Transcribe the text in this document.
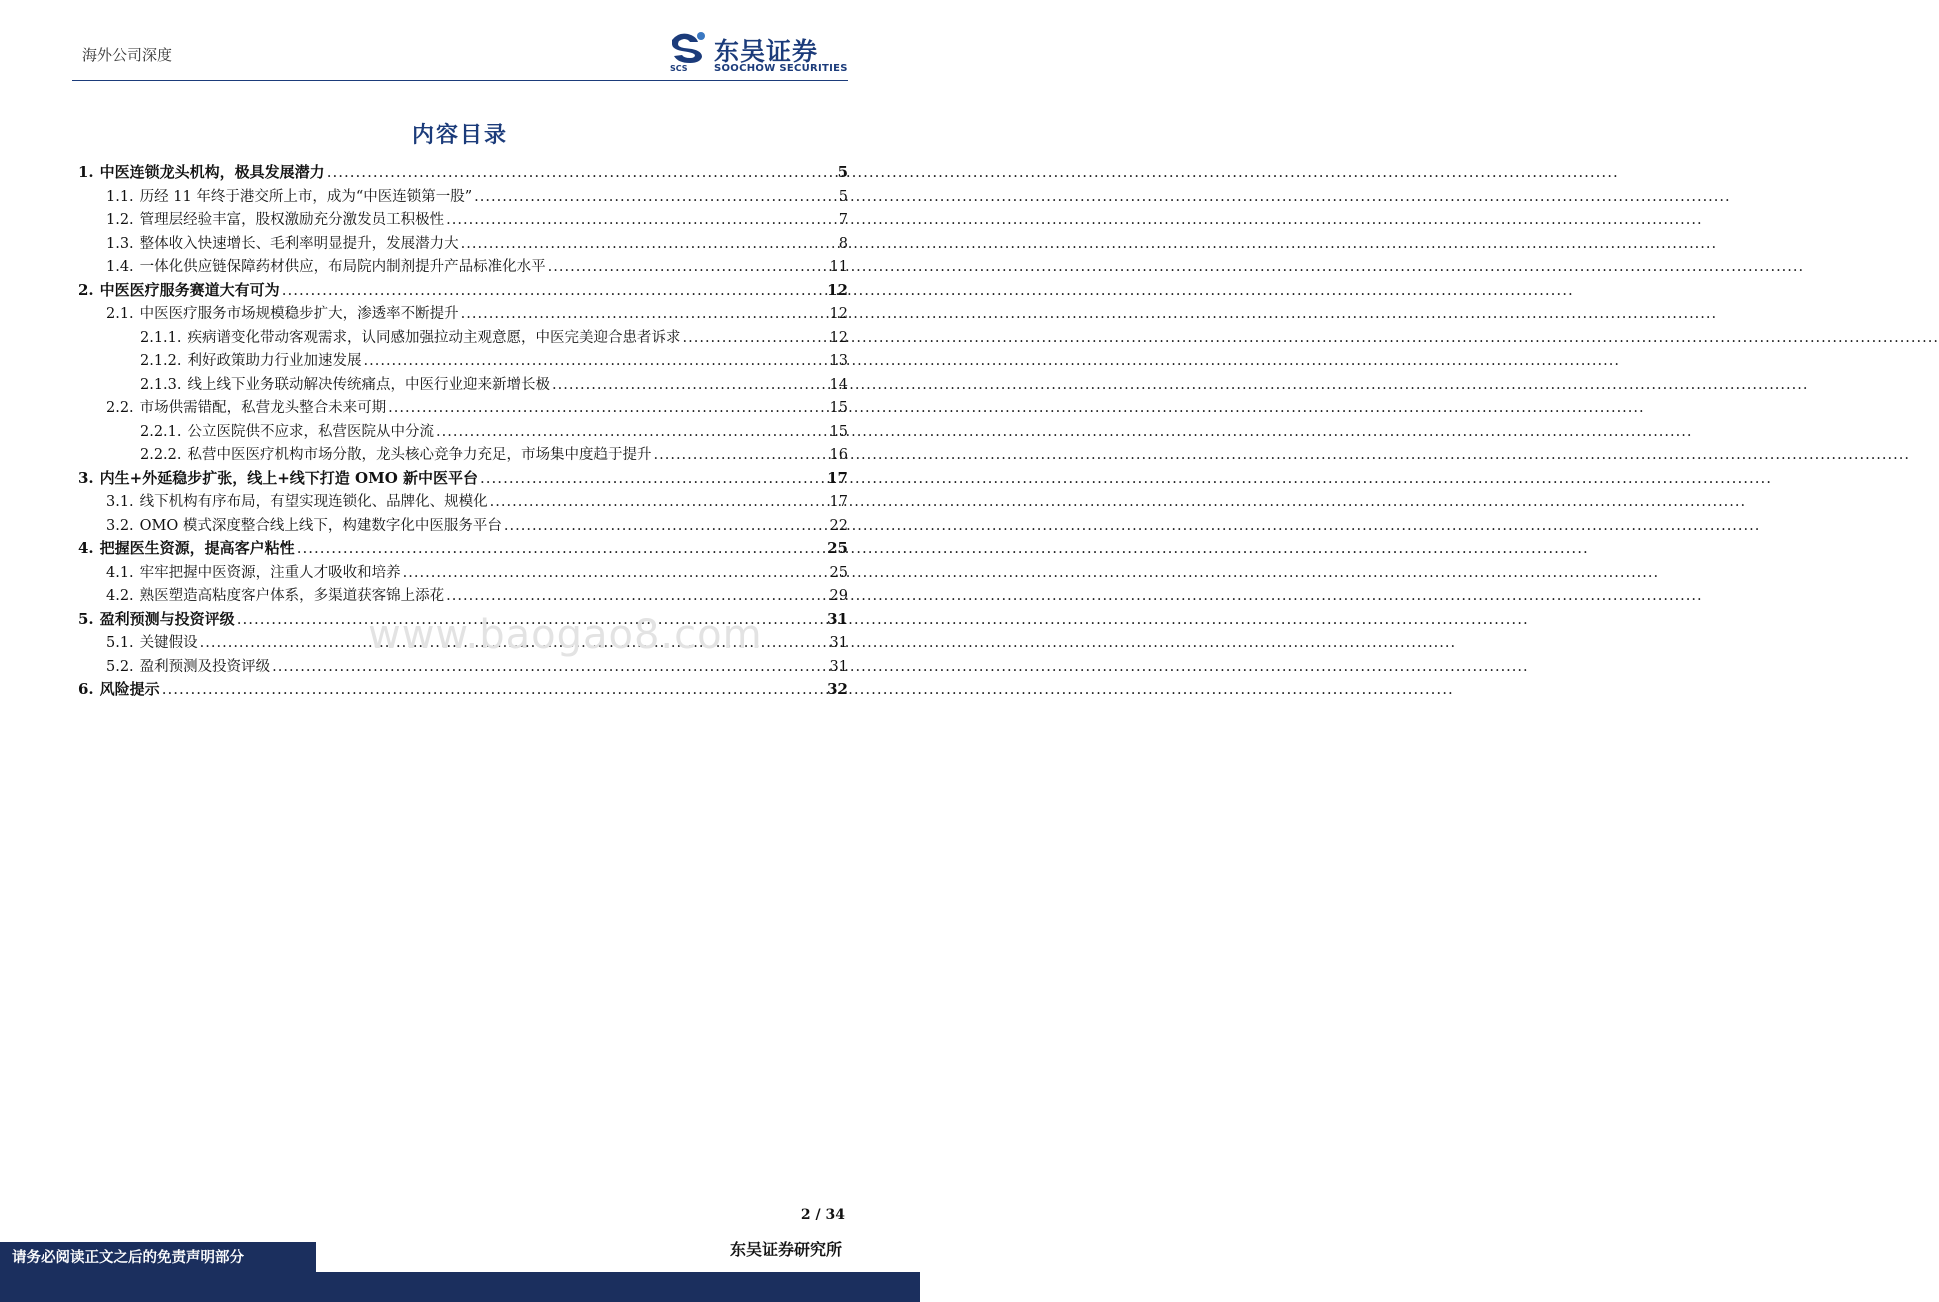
海外公司深度
SCS
东吴证券
SOOCHOW SECURITIES
内容目录
1. 中医连锁龙头机构，极具发展潜力 .....	5
1.1. 历经 11 年终于港交所上市，成为“中医连锁第一股” .....	5
1.2. 管理层经验丰富，股权激励充分激发员工积极性 .....	7
1.3. 整体收入快速增长、毛利率明显提升，发展潜力大 .....	8
1.4. 一体化供应链保障药材供应，布局院内制剂提升产品标准化水平 .....	11
2. 中医医疗服务赛道大有可为 .....	12
2.1. 中医医疗服务市场规模稳步扩大，渗透率不断提升 .....	12
2.1.1. 疾病谱变化带动客观需求，认同感加强拉动主观意愿，中医完美迎合患者诉求 .....	12
2.1.2. 利好政策助力行业加速发展 .....	13
2.1.3. 线上线下业务联动解决传统痛点，中医行业迎来新增长极 .....	14
2.2. 市场供需错配，私营龙头整合未来可期 .....	15
2.2.1. 公立医院供不应求，私营医院从中分流 .....	15
2.2.2. 私营中医医疗机构市场分散，龙头核心竞争力充足，市场集中度趋于提升 .....	16
3. 内生+外延稳步扩张，线上+线下打造 OMO 新中医平台 .....	17
3.1. 线下机构有序布局，有望实现连锁化、品牌化、规模化 .....	17
3.2. OMO 模式深度整合线上线下，构建数字化中医服务平台 .....	22
4. 把握医生资源，提高客户粘性 .....	25
4.1. 牢牢把握中医资源，注重人才吸收和培养 .....	25
4.2. 熟医塑造高粘度客户体系，多渠道获客锦上添花 .....	29
5. 盈利预测与投资评级 .....	31
5.1. 关键假设 .....	31
5.2. 盈利预测及投资评级 .....	31
6. 风险提示 .....	32
www.baogao8.com
2 / 34
请务必阅读正文之后的免责声明部分	东吴证券研究所
